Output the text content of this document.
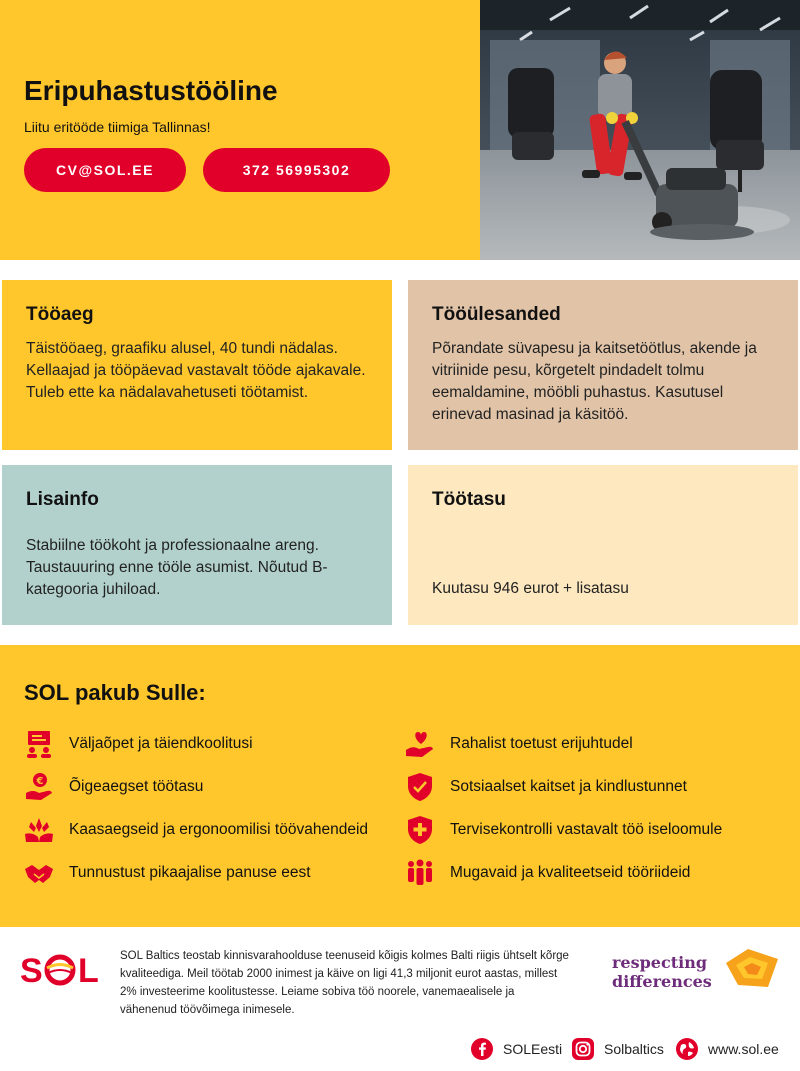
Eripuhastustööline

Liitu eritööde tiimiga Tallinnas!

CV@SOL.EE	372 56995302
Tööaeg

Täistööaeg, graafiku alusel, 40 tundi nädalas. Kellaajad ja tööpäevad vastavalt tööde ajakavale. Tuleb ette ka nädalavahetuseti töötamist.

Tööülesanded

Põrandate süvapesu ja kaitsetöötlus, akende ja vitriinide pesu, kõrgetelt pindadelt tolmu eemaldamine, mööbli puhastus. Kasutusel erinevad masinad ja käsitöö.

Lisainfo

Stabiilne töökoht ja professionaalne areng. Taustauuring enne tööle asumist. Nõutud B-kategooria juhiload.

Töötasu

Kuutasu 946 eurot + lisatasu

SOL pakub Sulle:
Väljaõpet ja täiendkoolitusi
€ Õigeaegset töötasu
Kaasaegseid ja ergonoomilisi töövahendeid
Tunnustust pikaajalise panuse eest
Rahalist toetust erijuhtudel
Sotsiaalset kaitset ja kindlustunnet
Tervisekontrolli vastavalt töö iseloomule
Mugavaid ja kvaliteetseid tööriideid
S L SOL Baltics teostab kinnisvarahoolduse teenuseid kõigis kolmes Balti riigis ühtselt kõrge kvaliteediga. Meil töötab 2000 inimest ja käive on ligi 41,3 miljonit eurot aastas, millest 2% investeerime koolitustesse. Leiame sobiva töö noorele, vanemaealisele ja vähenenud töövõimega inimesele.

respecting
differences
SOLEesti	Solbaltics	www.sol.ee
